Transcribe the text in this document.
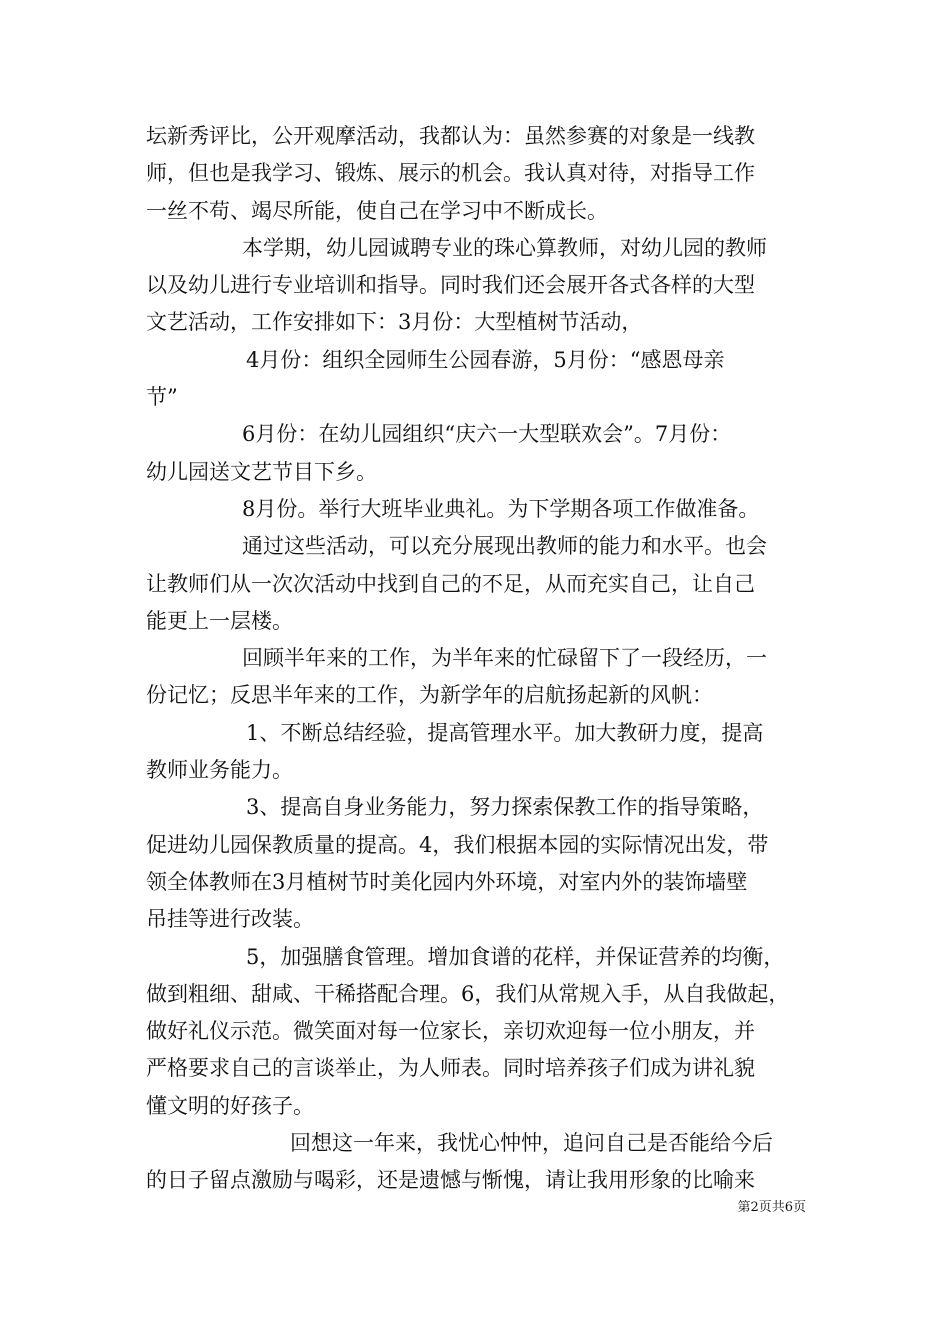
坛新秀评比，公开观摩活动，我都认为：虽然参赛的对象是一线教
师，但也是我学习、锻炼、展示的机会。我认真对待，对指导工作
一丝不苟、竭尽所能，使自己在学习中不断成长。
本学期，幼儿园诚聘专业的珠心算教师，对幼儿园的教师
以及幼儿进行专业培训和指导。同时我们还会展开各式各样的大型
文艺活动，工作安排如下：3月份：大型植树节活动，
4月份：组织全园师生公园春游，5月份：“感恩母亲
节”
6月份：在幼儿园组织“庆六一大型联欢会”。7月份：
幼儿园送文艺节目下乡。
8月份。举行大班毕业典礼。为下学期各项工作做准备。
通过这些活动，可以充分展现出教师的能力和水平。也会
让教师们从一次次活动中找到自己的不足，从而充实自己，让自己
能更上一层楼。
回顾半年来的工作，为半年来的忙碌留下了一段经历，一
份记忆；反思半年来的工作，为新学年的启航扬起新的风帆：
1、不断总结经验，提高管理水平。加大教研力度，提高
教师业务能力。
3、提高自身业务能力，努力探索保教工作的指导策略，
促进幼儿园保教质量的提高。4，我们根据本园的实际情况出发，带
领全体教师在3月植树节时美化园内外环境，对室内外的装饰墙壁
吊挂等进行改装。
5，加强膳食管理。增加食谱的花样，并保证营养的均衡，
做到粗细、甜咸、干稀搭配合理。6，我们从常规入手，从自我做起，
做好礼仪示范。微笑面对每一位家长，亲切欢迎每一位小朋友，并
严格要求自己的言谈举止，为人师表。同时培养孩子们成为讲礼貌
懂文明的好孩子。
回想这一年来，我忧心忡忡，追问自己是否能给今后
的日子留点激励与喝彩，还是遗憾与惭愧，请让我用形象的比喻来
第2页共6页
